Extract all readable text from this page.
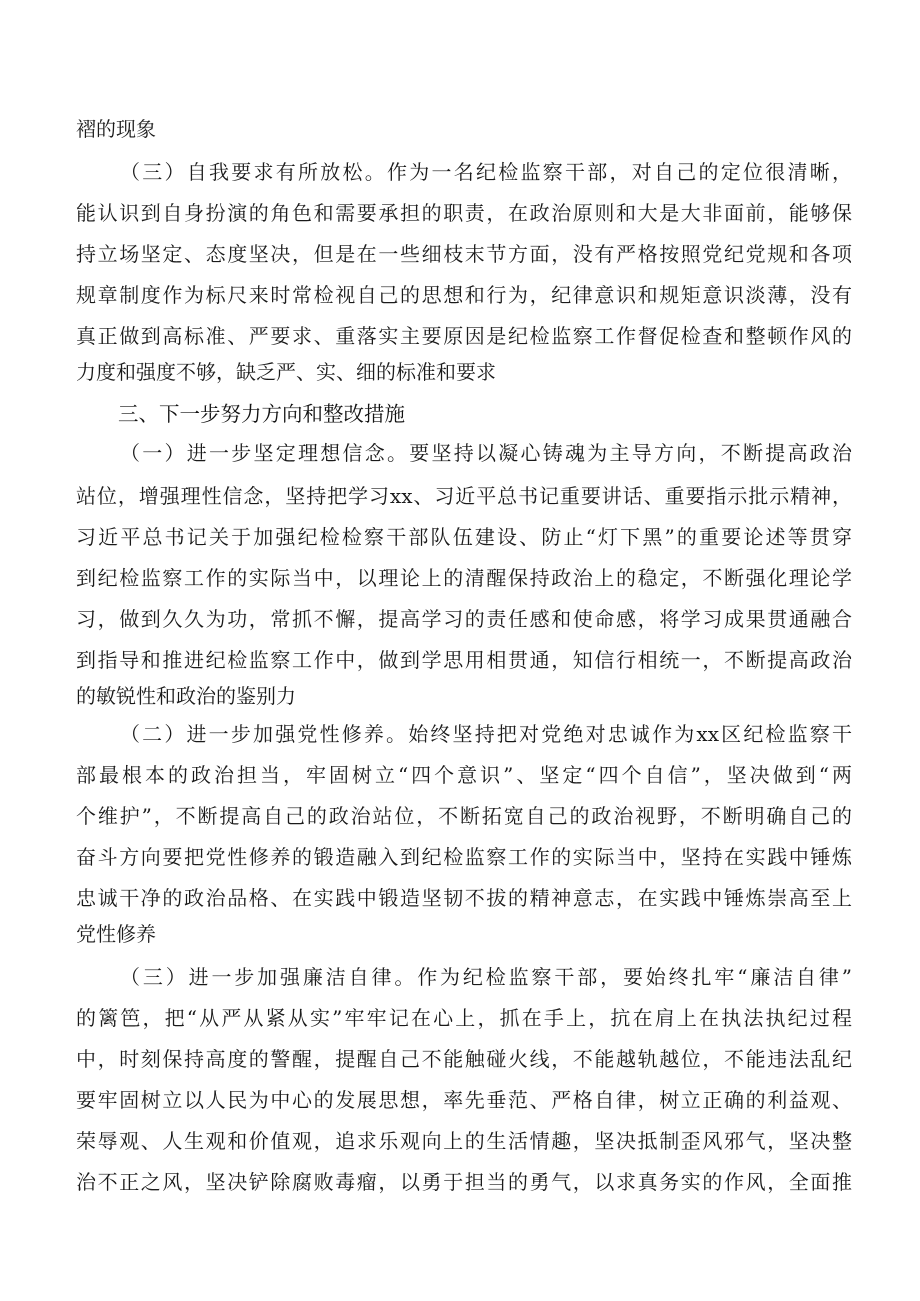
褶的现象
（三）自我要求有所放松。作为一名纪检监察干部，对自己的定位很清晰，
能认识到自身扮演的角色和需要承担的职责，在政治原则和大是大非面前，能够保
持立场坚定、态度坚决，但是在一些细枝末节方面，没有严格按照党纪党规和各项
规章制度作为标尺来时常检视自己的思想和行为，纪律意识和规矩意识淡薄，没有
真正做到高标准、严要求、重落实主要原因是纪检监察工作督促检查和整顿作风的
力度和强度不够，缺乏严、实、细的标准和要求
三、下一步努力方向和整改措施
（一）进一步坚定理想信念。要坚持以凝心铸魂为主导方向，不断提高政治
站位，增强理性信念，坚持把学习xx、习近平总书记重要讲话、重要指示批示精神，
习近平总书记关于加强纪检检察干部队伍建设、防止“灯下黑”的重要论述等贯穿
到纪检监察工作的实际当中，以理论上的清醒保持政治上的稳定，不断强化理论学
习，做到久久为功，常抓不懈，提高学习的责任感和使命感，将学习成果贯通融合
到指导和推进纪检监察工作中，做到学思用相贯通，知信行相统一，不断提高政治
的敏锐性和政治的鉴别力
（二）进一步加强党性修养。始终坚持把对党绝对忠诚作为xx区纪检监察干
部最根本的政治担当，牢固树立“四个意识”、坚定“四个自信”，坚决做到“两
个维护”，不断提高自己的政治站位，不断拓宽自己的政治视野，不断明确自己的
奋斗方向要把党性修养的锻造融入到纪检监察工作的实际当中，坚持在实践中锤炼
忠诚干净的政治品格、在实践中锻造坚韧不拔的精神意志，在实践中锤炼崇高至上
党性修养
（三）进一步加强廉洁自律。作为纪检监察干部，要始终扎牢“廉洁自律”
的篱笆，把“从严从紧从实”牢牢记在心上，抓在手上，抗在肩上在执法执纪过程
中，时刻保持高度的警醒，提醒自己不能触碰火线，不能越轨越位，不能违法乱纪
要牢固树立以人民为中心的发展思想，率先垂范、严格自律，树立正确的利益观、
荣辱观、人生观和价值观，追求乐观向上的生活情趣，坚决抵制歪风邪气，坚决整
治不正之风，坚决铲除腐败毒瘤，以勇于担当的勇气，以求真务实的作风，全面推
